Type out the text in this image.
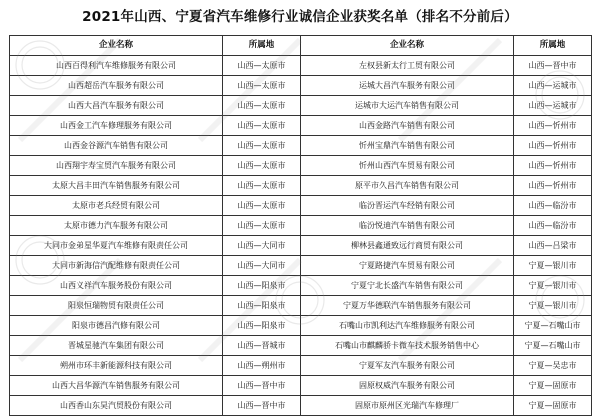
2021年山西、宁夏省汽车维修行业诚信企业获奖名单（排名不分前后）
企业名称	所属地	企业名称	所属地
山西百得利汽车维修服务有限公司	山西—太原市	左权县新太行工贸有限公司	山西—晋中市
山西超岳汽车服务有限公司	山西—太原市	运城大昌汽车服务有限公司	山西—运城市
山西大昌汽车服务有限公司	山西—太原市	运城市大运汽车销售有限公司	山西—运城市
山西金工汽车修理服务有限公司	山西—太原市	山西金路汽车销售有限公司	山西—忻州市
山西金谷源汽车销售有限公司	山西—太原市	忻州宝鼎汽车销售有限公司	山西—忻州市
山西翔宇寿宝贸汽车服务有限公司	山西—太原市	忻州山西汽车贸易有限公司	山西—忻州市
太原大昌丰田汽车销售服务有限公司	山西—太原市	原平市久昌汽车销售有限公司	山西—忻州市
太原市老兵经贸有限公司	山西—太原市	临汾晋运汽车经销有限公司	山西—临汾市
太原市德力汽车服务有限公司	山西—太原市	临汾悦迪汽车销售有限公司	山西—临汾市
大同市金弟星华夏汽车维修有限责任公司	山西—大同市	柳林县鑫通致远行商贸有限公司	山西—吕梁市
大同市新海信汽配维修有限责任公司	山西—大同市	宁夏路捷汽车贸易有限公司	宁夏—银川市
山西义祥汽车服务股份有限公司	山西—阳泉市	宁夏宁北长盛汽车销售有限公司	宁夏—银川市
阳泉恒瑞物贸有限责任公司	山西—阳泉市	宁夏万华德联汽车销售服务有限公司	宁夏—银川市
阳泉市德昌汽修有限公司	山西—阳泉市	石嘴山市凯利达汽车维修服务有限公司	宁夏—石嘴山市
晋城星驰汽车集团有限公司	山西—晋城市	石嘴山市麒麟骄卡微车技术服务销售中心	宁夏—石嘴山市
朔州市环丰新能源科技有限公司	山西—朔州市	宁夏军友汽车服务有限公司	宁夏—吴忠市
山西大昌华源汽车销售服务有限公司	山西—晋中市	固原权威汽车服务有限公司	宁夏—固原市
山西香山东昊汽贸股份有限公司	山西—晋中市	固原市原州区光瑞汽车修理厂	宁夏—固原市
